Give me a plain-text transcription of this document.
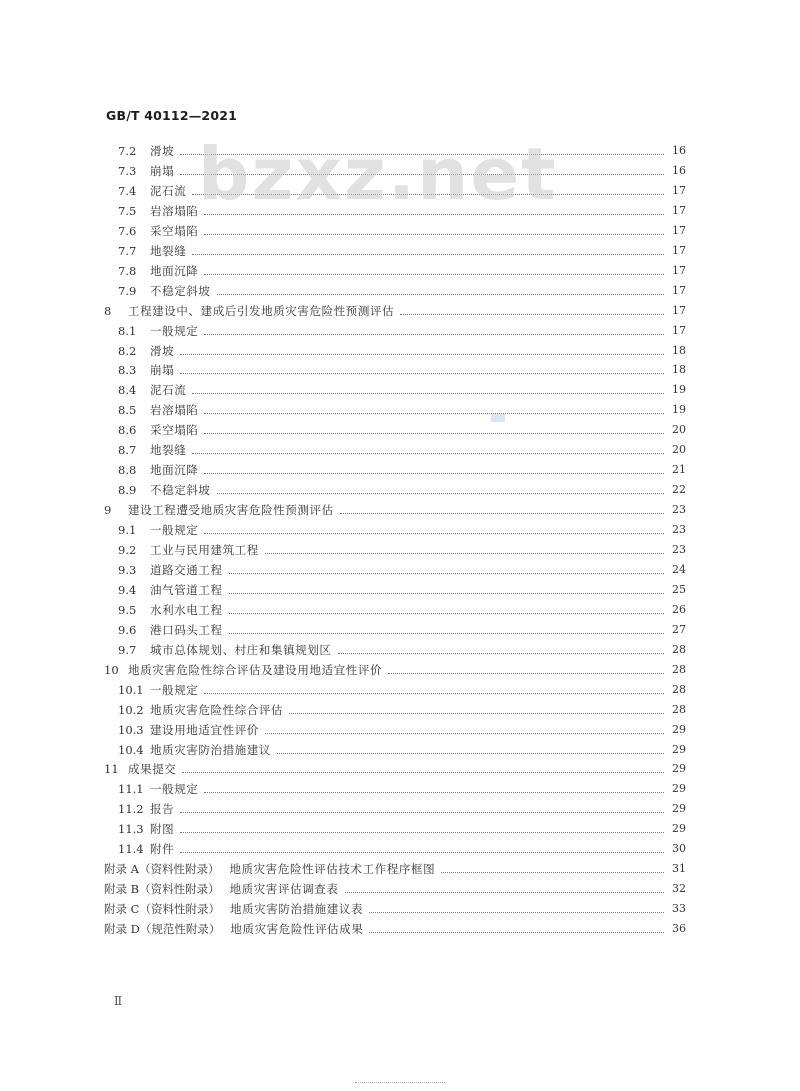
GB/T 40112—2021
bzxz.net
7.2	滑坡	16
7.3	崩塌	16
7.4	泥石流	17
7.5	岩溶塌陷	17
7.6	采空塌陷	17
7.7	地裂缝	17
7.8	地面沉降	17
7.9	不稳定斜坡	17
8	工程建设中、建成后引发地质灾害危险性预测评估	17
8.1	一般规定	17
8.2	滑坡	18
8.3	崩塌	18
8.4	泥石流	19
8.5	岩溶塌陷	19
8.6	采空塌陷	20
8.7	地裂缝	20
8.8	地面沉降	21
8.9	不稳定斜坡	22
9	建设工程遭受地质灾害危险性预测评估	23
9.1	一般规定	23
9.2	工业与民用建筑工程	23
9.3	道路交通工程	24
9.4	油气管道工程	25
9.5	水利水电工程	26
9.6	港口码头工程	27
9.7	城市总体规划、村庄和集镇规划区	28
10 地质灾害危险性综合评估及建设用地适宜性评价	28
10.1 一般规定	28
10.2 地质灾害危险性综合评估	28
10.3 建设用地适宜性评价	29
10.4 地质灾害防治措施建议	29
11 成果提交	29
11.1 一般规定	29
11.2 报告	29
11.3 附图	29
11.4 附件	30
附录 A（资料性附录） 地质灾害危险性评估技术工作程序框图	31
附录 B（资料性附录） 地质灾害评估调查表	32
附录 C（资料性附录） 地质灾害防治措施建议表	33
附录 D（规范性附录） 地质灾害危险性评估成果	36
Ⅱ
